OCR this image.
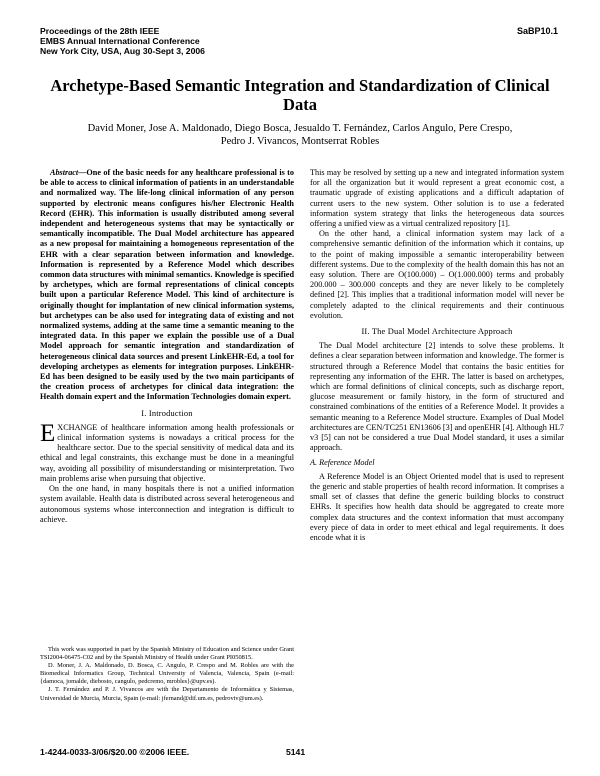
Proceedings of the 28th IEEE
EMBS Annual International Conference
New York City, USA, Aug 30-Sept 3, 2006
SaBP10.1
Archetype-Based Semantic Integration and Standardization of Clinical Data
David Moner, Jose A. Maldonado, Diego Bosca, Jesualdo T. Fernández, Carlos Angulo, Pere Crespo,
Pedro J. Vivancos, Montserrat Robles

Abstract—One of the basic needs for any healthcare professional is to be able to access to clinical information of patients in an understandable and normalized way. The life-long clinical information of any person supported by electronic means configures his/her Electronic Health Record (EHR). This information is usually distributed among several independent and heterogeneous systems that may be syntactically or semantically incompatible. The Dual Model architecture has appeared as a new proposal for maintaining a homogeneous representation of the EHR with a clear separation between information and knowledge. Information is represented by a Reference Model which describes common data structures with minimal semantics. Knowledge is specified by archetypes, which are formal representations of clinical concepts built upon a particular Reference Model. This kind of architecture is originally thought for implantation of new clinical information systems, but archetypes can be also used for integrating data of existing and not normalized systems, adding at the same time a semantic meaning to the integrated data. In this paper we explain the possible use of a Dual Model approach for semantic integration and standardization of heterogeneous clinical data sources and present LinkEHR-Ed, a tool for developing archetypes as elements for integration purposes. LinkEHR-Ed has been designed to be easily used by the two main participants of the creation process of archetypes for clinical data integration: the Health domain expert and the Information Technologies domain expert.

I. Introduction

EXCHANGE of healthcare information among health professionals or clinical information systems is nowadays a critical process for the healthcare sector. Due to the special sensitivity of medical data and its ethical and legal constraints, this exchange must be done in a meaningful way, avoiding all possibility of misunderstanding or misinterpretation. Two main problems arise when pursuing that objective.

On the one hand, in many hospitals there is not a unified information system available. Health data is distributed across several heterogeneous and autonomous systems whose interconnection and integration is difficult to achieve.

This work was supported in part by the Spanish Ministry of Education and Science under Grant TSI2004-06475-C02 and by the Spanish Ministry of Health under Grant PI050815.

D. Moner, J. A. Maldonado, D. Bosca, C. Angulo, P. Crespo and M. Robles are with the Biomedical Informatics Group, Technical University of Valencia, Valencia, Spain (e-mail: {damoca, jomalde, diebosto, cangulo, pedcremo, mrobles}@upv.es).

J. T. Fernández and P. J. Vivancos are with the Departamento de Informática y Sistemas, Universidad de Murcia, Murcia, Spain (e-mail: jfernand@dif.um.es, pedroviv@um.es).

This may be resolved by setting up a new and integrated information system for all the organization but it would represent a great economic cost, a traumatic upgrade of existing applications and a difficult adaptation of current users to the new system. Other solution is to use a federated information system strategy that links the heterogeneous data sources offering a unified view as a virtual centralized repository [1].

On the other hand, a clinical information system may lack of a comprehensive semantic definition of the information which it contains, up to the point of making impossible a semantic interoperability between different systems. Due to the complexity of the health domain this has not an easy solution. There are O(100.000) – O(1.000.000) terms and probably 200.000 – 300.000 concepts and they are never likely to be completely defined [2]. This implies that a traditional information model will never be completely adapted to the clinical requirements and their continuous evolution.

II. The Dual Model Architecture Approach

The Dual Model architecture [2] intends to solve these problems. It defines a clear separation between information and knowledge. The former is structured through a Reference Model that contains the basic entities for representing any information of the EHR. The latter is based on archetypes, which are formal definitions of clinical concepts, such as discharge report, glucose measurement or family history, in the form of structured and constrained combinations of the entities of a Reference Model. It provides a semantic meaning to a Reference Model structure. Examples of Dual Model architectures are CEN/TC251 EN13606 [3] and openEHR [4]. Although HL7 v3 [5] can not be considered a true Dual Model standard, it uses a similar approach.

A. Reference Model

A Reference Model is an Object Oriented model that is used to represent the generic and stable properties of health record information. It comprises a small set of classes that define the generic building blocks to construct EHRs. It specifies how health data should be aggregated to create more complex data structures and the context information that must accompany every piece of data in order to meet ethical and legal requirements. It does encode what it is

1-4244-0033-3/06/$20.00 ©2006 IEEE.	5141
